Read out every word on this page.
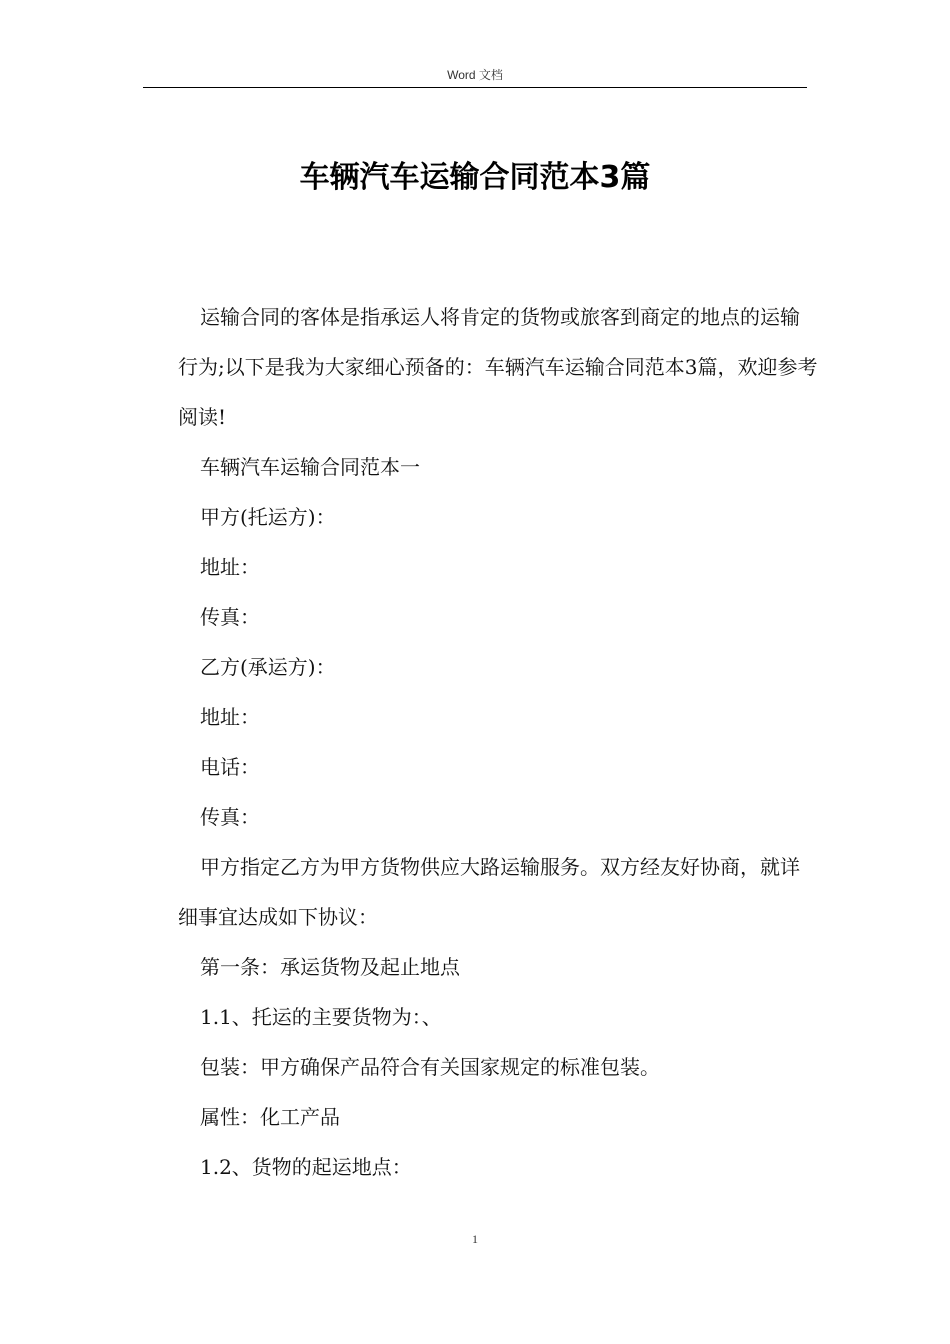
Word 文档
车辆汽车运输合同范本3篇

运输合同的客体是指承运人将肯定的货物或旅客到商定的地点的运输行为;以下是我为大家细心预备的：车辆汽车运输合同范本3篇，欢迎参考阅读!

车辆汽车运输合同范本一

甲方(托运方)：

地址：

传真：

乙方(承运方)：

地址：

电话：

传真：

甲方指定乙方为甲方货物供应大路运输服务。双方经友好协商，就详细事宜达成如下协议：

第一条：承运货物及起止地点

1.1、托运的主要货物为：、

包装：甲方确保产品符合有关国家规定的标准包装。

属性：化工产品

1.2、货物的起运地点：

1
